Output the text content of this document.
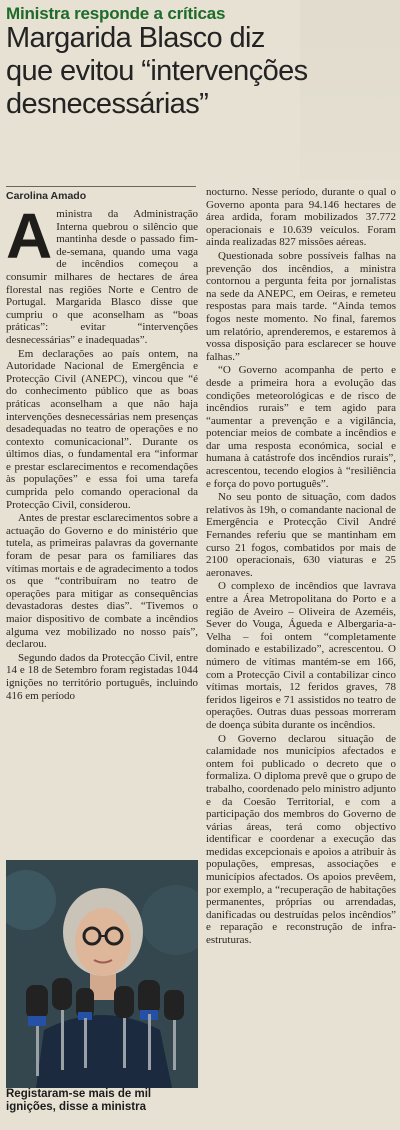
Ministra responde a críticas
Margarida Blasco diz
que evitou “intervenções
desnecessárias”
Carolina Amado

Aministra da Administração Interna quebrou o silêncio que mantinha desde o passado fim-de-semana, quando uma vaga de incêndios começou a consumir milhares de hectares de área florestal nas regiões Norte e Centro de Portugal. Margarida Blasco disse que cumpriu o que aconselham as “boas práticas”: evitar “intervenções desnecessárias” e inadequadas”.

Em declarações ao país ontem, na Autoridade Nacional de Emergência e Protecção Civil (ANEPC), vincou que “é do conhecimento público que as boas práticas aconselham a que não haja intervenções desnecessárias nem presenças desadequadas no teatro de operações e no contexto comunicacional”. Durante os últimos dias, o fundamental era “informar e prestar esclarecimentos e recomendações às populações” e essa foi uma tarefa cumprida pelo comando operacional da Protecção Civil, considerou.

Antes de prestar esclarecimentos sobre a actuação do Governo e do ministério que tutela, as primeiras palavras da governante foram de pesar para os familiares das vítimas mortais e de agradecimento a todos os que “contribuíram no teatro de operações para mitigar as consequências devastadoras destes dias”. “Tivemos o maior dispositivo de combate a incêndios alguma vez mobilizado no nosso país”, declarou.

Segundo dados da Protecção Civil, entre 14 e 18 de Setembro foram registadas 1044 ignições no território português, incluindo 416 em período

nocturno. Nesse período, durante o qual o Governo aponta para 94.146 hectares de área ardida, foram mobilizados 37.772 operacionais e 10.639 veículos. Foram ainda realizadas 827 missões aéreas.

Questionada sobre possíveis falhas na prevenção dos incêndios, a ministra contornou a pergunta feita por jornalistas na sede da ANEPC, em Oeiras, e remeteu respostas para mais tarde. “Ainda temos fogos neste momento. No final, faremos um relatório, aprenderemos, e estaremos à vossa disposição para esclarecer se houve falhas.”

“O Governo acompanha de perto e desde a primeira hora a evolução das condições meteorológicas e de risco de incêndios rurais” e tem agido para “aumentar a prevenção e a vigilância, potenciar meios de combate a incêndios e dar uma resposta económica, social e humana à catástrofe dos incêndios rurais”, acrescentou, tecendo elogios à “resiliência e força do povo português”.

No seu ponto de situação, com dados relativos às 19h, o comandante nacional de Emergência e Protecção Civil André Fernandes referiu que se mantinham em curso 21 fogos, combatidos por mais de 2100 operacionais, 630 viaturas e 25 aeronaves.

O complexo de incêndios que lavrava entre a Área Metropolitana do Porto e a região de Aveiro – Oliveira de Azeméis, Sever do Vouga, Águeda e Albergaria-a-Velha – foi ontem “completamente dominado e estabilizado”, acrescentou. O número de vítimas mantém-se em 166, com a Protecção Civil a contabilizar cinco vítimas mortais, 12 feridos graves, 78 feridos ligeiros e 71 assistidos no teatro de operações. Outras duas pessoas morreram de doença súbita durante os incêndios.

O Governo declarou situação de calamidade nos municípios afectados e ontem foi publicado o decreto que o formaliza. O diploma prevê que o grupo de trabalho, coordenado pelo ministro adjunto e da Coesão Territorial, e com a participação dos membros do Governo de várias áreas, terá como objectivo identificar e coordenar a execução das medidas excepcionais e apoios a atribuir às populações, empresas, associações e municípios afectados. Os apoios prevêem, por exemplo, a “recuperação de habitações permanentes, próprias ou arrendadas, danificadas ou destruídas pelos incêndios” e reparação e reconstrução de infra-estruturas.

Registaram-se mais de mil ignições, disse a ministra
